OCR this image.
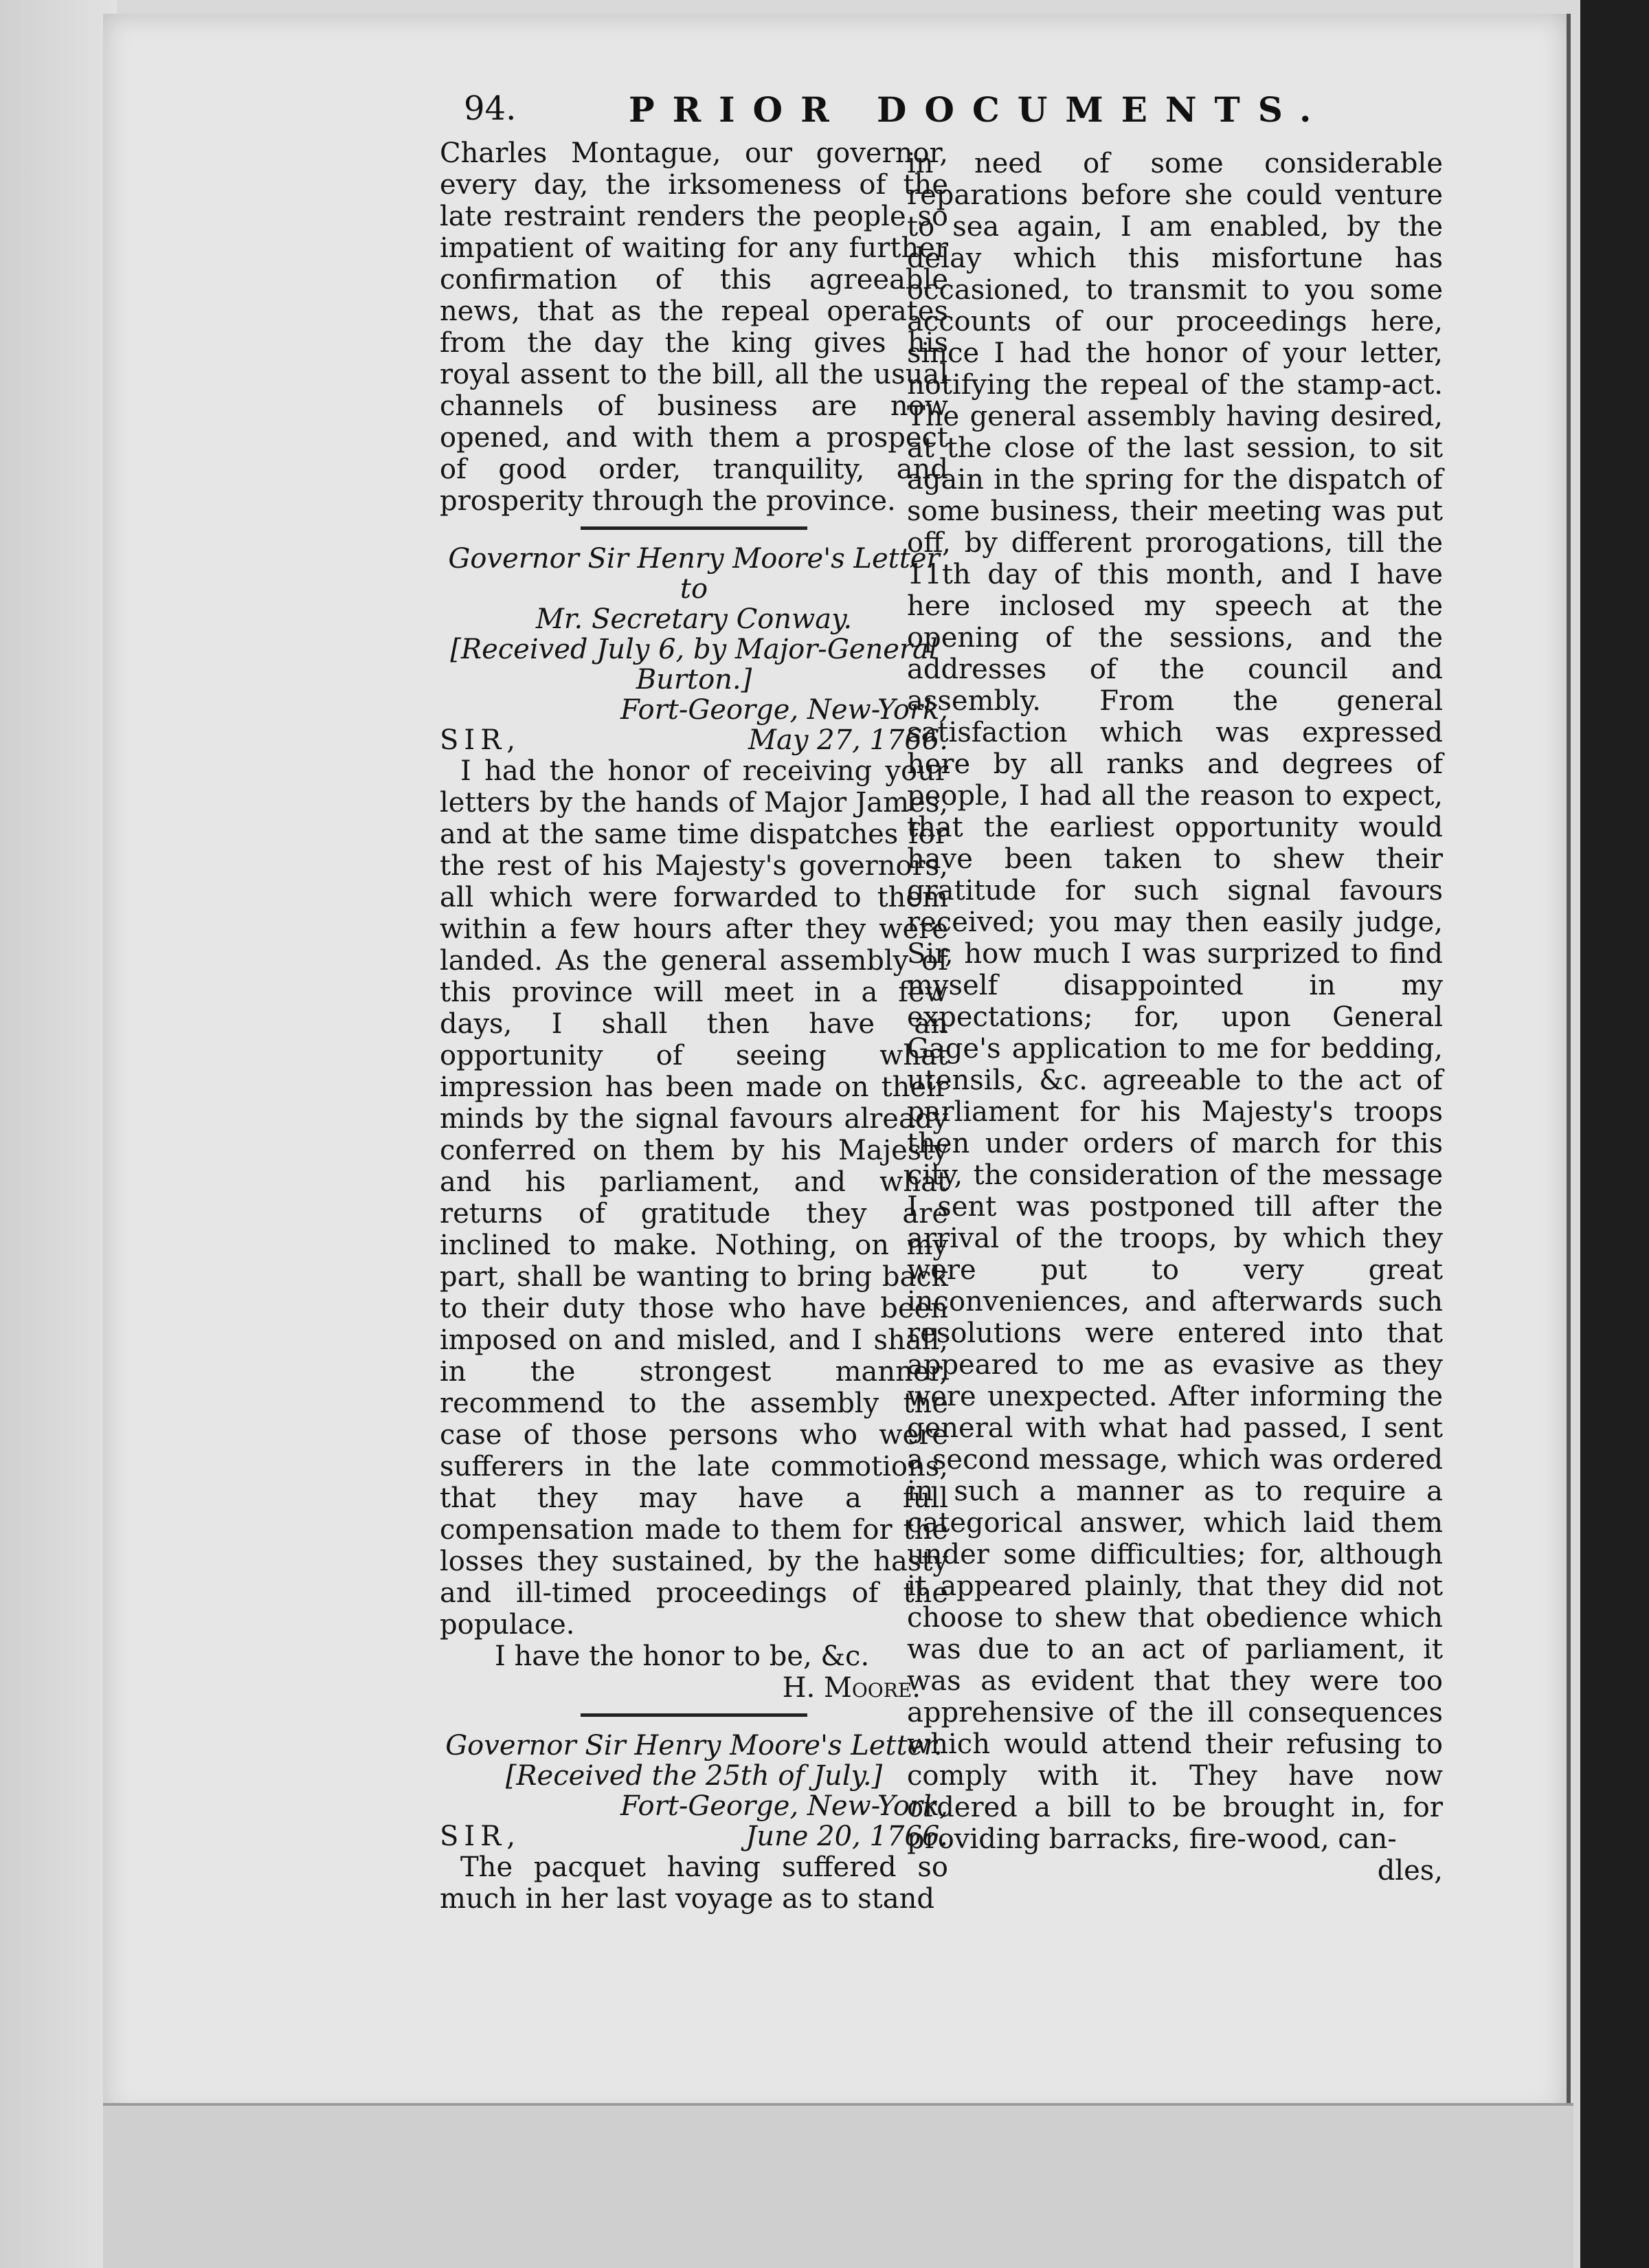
94.	PRIOR DOCUMENTS.

Charles Montague, our governor, every day, the irksomeness of the late restraint renders the people so impatient of waiting for any further confirmation of this agreeable news, that as the repeal operates from the day the king gives his royal assent to the bill, all the usual channels of business are now opened, and with them a prospect of good order, tranquility, and prosperity through the province.

Governor Sir Henry Moore's Letter to

Mr. Secretary Conway.

[Received July 6, by Major-General

Burton.]

Fort-George, New-York,

SIR,	May 27, 1766.

I had the honor of receiving your letters by the hands of Major James, and at the same time dispatches for the rest of his Majesty's governors, all which were forwarded to them within a few hours after they were landed. As the general assembly of this province will meet in a few days, I shall then have an opportunity of seeing what impression has been made on their minds by the signal favours already conferred on them by his Majesty and his parliament, and what returns of gratitude they are inclined to make. Nothing, on my part, shall be wanting to bring back to their duty those who have been imposed on and misled, and I shall, in the strongest manner, recommend to the assembly the case of those persons who were sufferers in the late commotions, that they may have a full compensation made to them for the losses they sustained, by the hasty and ill-timed proceedings of the populace.

I have the honor to be, &c.

H. Moore.

Governor Sir Henry Moore's Letter.

[Received the 25th of July.]

Fort-George, New-York,

SIR,	June 20, 1766.

The pacquet having suffered so much in her last voyage as to stand

in need of some considerable reparations before she could venture to sea again, I am enabled, by the delay which this misfortune has occasioned, to transmit to you some accounts of our proceedings here, since I had the honor of your letter, notifying the repeal of the stamp-act. The general assembly having desired, at the close of the last session, to sit again in the spring for the dispatch of some business, their meeting was put off, by different prorogations, till the 11th day of this month, and I have here inclosed my speech at the opening of the sessions, and the addresses of the council and assembly. From the general satisfaction which was expressed here by all ranks and degrees of people, I had all the reason to expect, that the earliest opportunity would have been taken to shew their gratitude for such signal favours received; you may then easily judge, Sir, how much I was surprized to find myself disappointed in my expectations; for, upon General Gage's application to me for bedding, utensils, &c. agreeable to the act of parliament for his Majesty's troops then under orders of march for this city, the consideration of the message I sent was postponed till after the arrival of the troops, by which they were put to very great inconveniences, and afterwards such resolutions were entered into that appeared to me as evasive as they were unexpected. After informing the general with what had passed, I sent a second message, which was ordered in such a manner as to require a categorical answer, which laid them under some difficulties; for, although it appeared plainly, that they did not choose to shew that obedience which was due to an act of parliament, it was as evident that they were too apprehensive of the ill consequences which would attend their refusing to comply with it. They have now ordered a bill to be brought in, for providing barracks, fire-wood, can-

dles,
